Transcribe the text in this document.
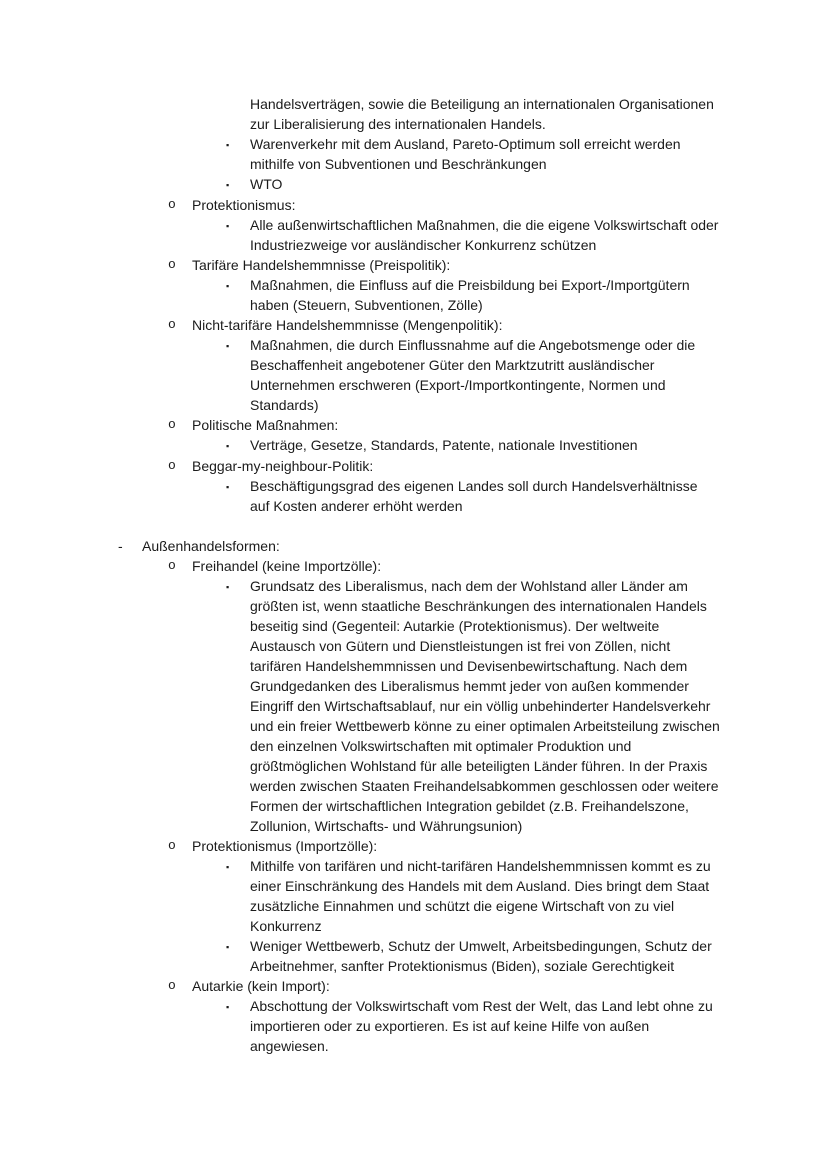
Handelsverträgen, sowie die Beteiligung an internationalen Organisationen zur Liberalisierung des internationalen Handels.
▪	Warenverkehr mit dem Ausland, Pareto-Optimum soll erreicht werden mithilfe von Subventionen und Beschränkungen
▪	WTO
o	Protektionismus:
▪	Alle außenwirtschaftlichen Maßnahmen, die die eigene Volkswirtschaft oder Industriezweige vor ausländischer Konkurrenz schützen
o	Tarifäre Handelshemmnisse (Preispolitik):
▪	Maßnahmen, die Einfluss auf die Preisbildung bei Export-/Importgütern haben (Steuern, Subventionen, Zölle)
o	Nicht-tarifäre Handelshemmnisse (Mengenpolitik):
▪	Maßnahmen, die durch Einflussnahme auf die Angebotsmenge oder die Beschaffenheit angebotener Güter den Marktzutritt ausländischer Unternehmen erschweren (Export-/Importkontingente, Normen und Standards)
o	Politische Maßnahmen:
▪	Verträge, Gesetze, Standards, Patente, nationale Investitionen
o	Beggar-my-neighbour-Politik:
▪	Beschäftigungsgrad des eigenen Landes soll durch Handelsverhältnisse auf Kosten anderer erhöht werden
-	Außenhandelsformen:
o	Freihandel (keine Importzölle):
▪	Grundsatz des Liberalismus, nach dem der Wohlstand aller Länder am größten ist, wenn staatliche Beschränkungen des internationalen Handels beseitig sind (Gegenteil: Autarkie (Protektionismus). Der weltweite Austausch von Gütern und Dienstleistungen ist frei von Zöllen, nicht tarifären Handelshemmnissen und Devisenbewirtschaftung. Nach dem Grundgedanken des Liberalismus hemmt jeder von außen kommender Eingriff den Wirtschaftsablauf, nur ein völlig unbehinderter Handelsverkehr und ein freier Wettbewerb könne zu einer optimalen Arbeitsteilung zwischen den einzelnen Volkswirtschaften mit optimaler Produktion und größtmöglichen Wohlstand für alle beteiligten Länder führen. In der Praxis werden zwischen Staaten Freihandelsabkommen geschlossen oder weitere Formen der wirtschaftlichen Integration gebildet (z.B. Freihandelszone, Zollunion, Wirtschafts- und Währungsunion)
o	Protektionismus (Importzölle):
▪	Mithilfe von tarifären und nicht-tarifären Handelshemmnissen kommt es zu einer Einschränkung des Handels mit dem Ausland. Dies bringt dem Staat zusätzliche Einnahmen und schützt die eigene Wirtschaft von zu viel Konkurrenz
▪	Weniger Wettbewerb, Schutz der Umwelt, Arbeitsbedingungen, Schutz der Arbeitnehmer, sanfter Protektionismus (Biden), soziale Gerechtigkeit
o	Autarkie (kein Import):
▪	Abschottung der Volkswirtschaft vom Rest der Welt, das Land lebt ohne zu importieren oder zu exportieren. Es ist auf keine Hilfe von außen angewiesen.
